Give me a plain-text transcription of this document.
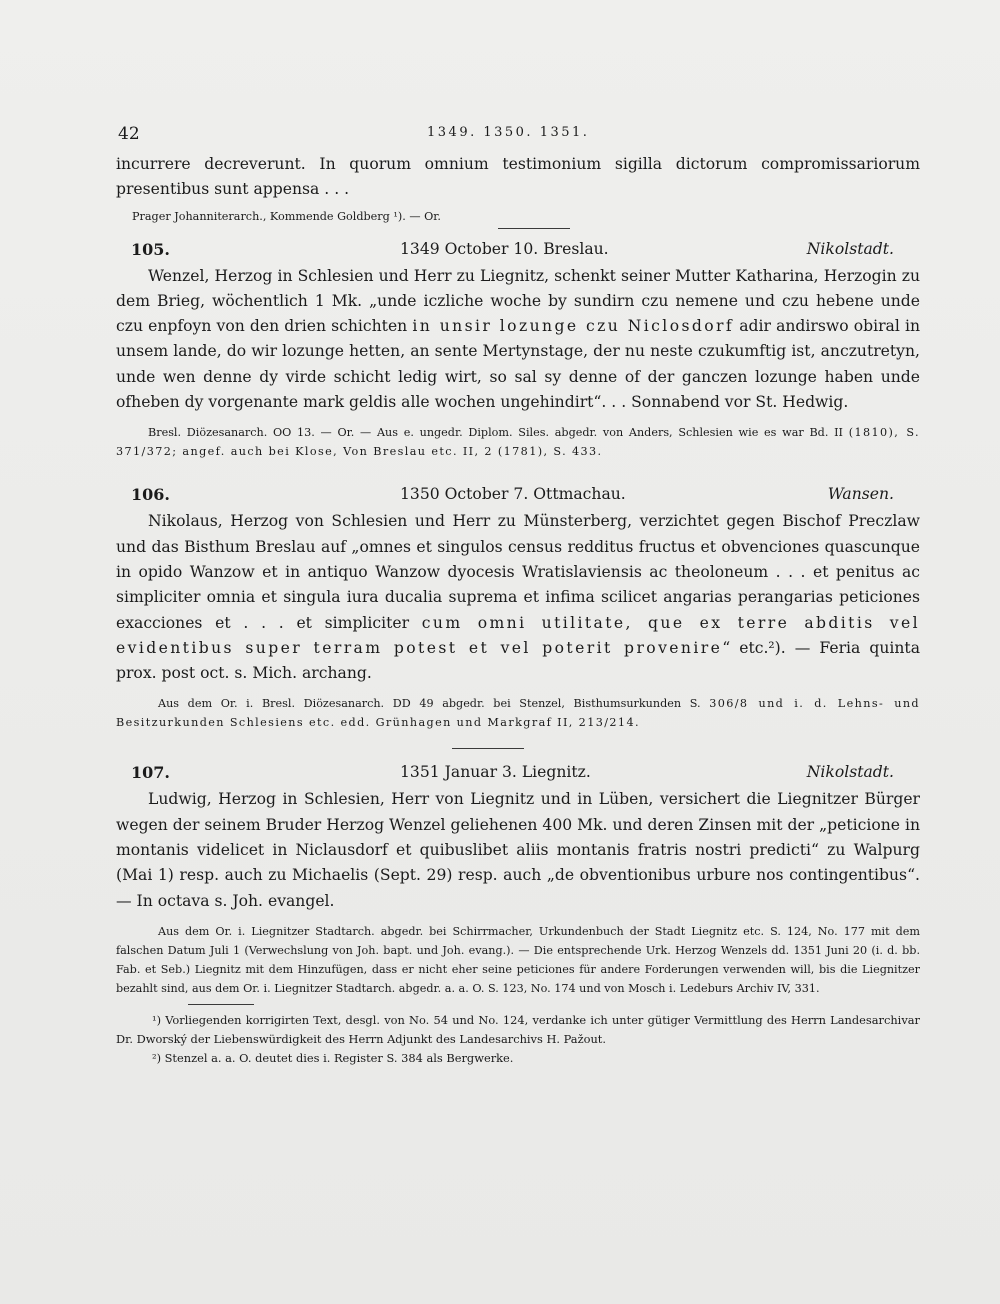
42	1349. 1350. 1351.

incurrere decreverunt. In quorum omnium testimonium sigilla dictorum compromissariorum presentibus sunt appensa . . .

Prager Johanniterarch., Kommende Goldberg ¹). — Or.

105.	1349 October 10. Breslau.	Nikolstadt.

Wenzel, Herzog in Schlesien und Herr zu Liegnitz, schenkt seiner Mutter Katharina, Herzogin zu dem Brieg, wöchentlich 1 Mk. „unde iczliche woche by sundirn czu nemene und czu hebene unde czu enpfoyn von den drien schichten in unsir lozunge czu Niclosdorf adir andirswo obiral in unsem lande, do wir lozunge hetten, an sente Mertynstage, der nu neste czukumftig ist, anczutretyn, unde wen denne dy virde schicht ledig wirt, so sal sy denne of der ganczen lozunge haben unde ofheben dy vorgenante mark geldis alle wochen ungehindirt“. . . Sonnabend vor St. Hedwig.

Bresl. Diözesanarch. OO 13. — Or. — Aus e. ungedr. Diplom. Siles. abgedr. von Anders, Schlesien wie es war Bd. II (1810), S. 371/372; angef. auch bei Klose, Von Breslau etc. II, 2 (1781), S. 433.

106.	1350 October 7. Ottmachau.	Wansen.

Nikolaus, Herzog von Schlesien und Herr zu Münsterberg, verzichtet gegen Bischof Preczlaw und das Bisthum Breslau auf „omnes et singulos census redditus fructus et obvenciones quascunque in opido Wanzow et in antiquo Wanzow dyocesis Wratislaviensis ac theoloneum . . . et penitus ac simpliciter omnia et singula iura ducalia suprema et infima scilicet angarias perangarias peticiones exacciones et . . . et simpliciter cum omni utilitate, que ex terre abditis vel evidentibus super terram potest et vel poterit provenire“ etc.²). — Feria quinta prox. post oct. s. Mich. archang.

Aus dem Or. i. Bresl. Diözesanarch. DD 49 abgedr. bei Stenzel, Bisthumsurkunden S. 306/8 und i. d. Lehns- und Besitzurkunden Schlesiens etc. edd. Grünhagen und Markgraf II, 213/214.

107.	1351 Januar 3. Liegnitz.	Nikolstadt.

Ludwig, Herzog in Schlesien, Herr von Liegnitz und in Lüben, versichert die Liegnitzer Bürger wegen der seinem Bruder Herzog Wenzel geliehenen 400 Mk. und deren Zinsen mit der „peticione in montanis videlicet in Niclausdorf et quibuslibet aliis montanis fratris nostri predicti“ zu Walpurg (Mai 1) resp. auch zu Michaelis (Sept. 29) resp. auch „de obventionibus urbure nos contingentibus“. — In octava s. Joh. evangel.

Aus dem Or. i. Liegnitzer Stadtarch. abgedr. bei Schirrmacher, Urkundenbuch der Stadt Liegnitz etc. S. 124, No. 177 mit dem falschen Datum Juli 1 (Verwechslung von Joh. bapt. und Joh. evang.). — Die entsprechende Urk. Herzog Wenzels dd. 1351 Juni 20 (i. d. bb. Fab. et Seb.) Liegnitz mit dem Hinzufügen, dass er nicht eher seine peticiones für andere Forderungen verwenden will, bis die Liegnitzer bezahlt sind, aus dem Or. i. Liegnitzer Stadtarch. abgedr. a. a. O. S. 123, No. 174 und von Mosch i. Ledeburs Archiv IV, 331.

¹) Vorliegenden korrigirten Text, desgl. von No. 54 und No. 124, verdanke ich unter gütiger Vermittlung des Herrn Landesarchivar Dr. Dworský der Liebenswürdigkeit des Herrn Adjunkt des Landesarchivs H. Pažout.

²) Stenzel a. a. O. deutet dies i. Register S. 384 als Bergwerke.
